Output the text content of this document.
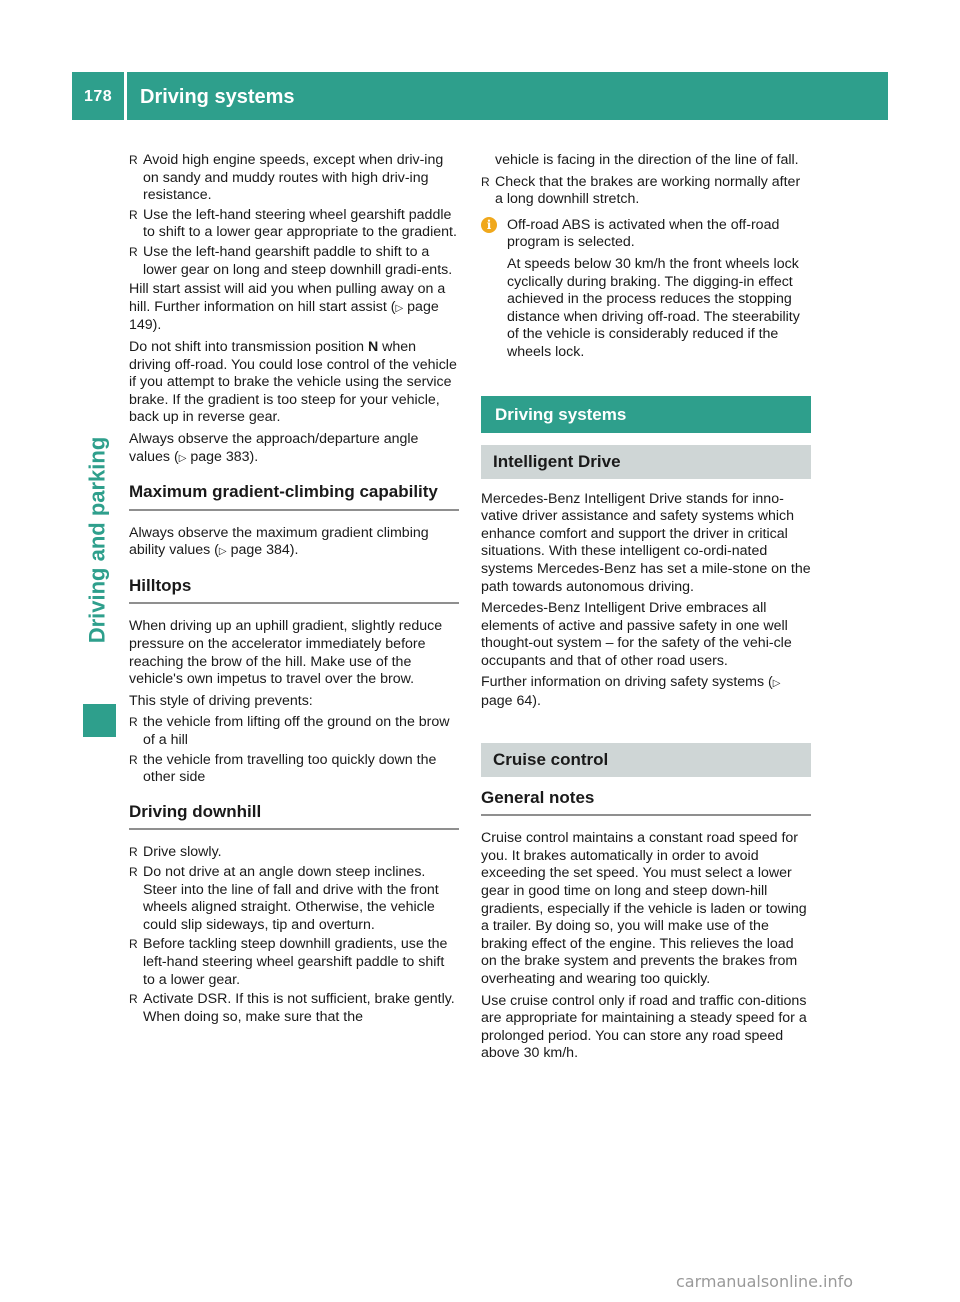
178 Driving systems
Driving and parking
R Avoid high engine speeds, except when driv-ing on sandy and muddy routes with high driv-ing resistance.
R Use the left-hand steering wheel gearshift paddle to shift to a lower gear appropriate to the gradient.
R Use the left-hand gearshift paddle to shift to a lower gear on long and steep downhill gradi-ents.

Hill start assist will aid you when pulling away on a hill. Further information on hill start assist (▷ page 149).

Do not shift into transmission position N when driving off-road. You could lose control of the vehicle if you attempt to brake the vehicle using the service brake. If the gradient is too steep for your vehicle, back up in reverse gear.

Always observe the approach/departure angle values (▷ page 383).

Maximum gradient-climbing capability

Always observe the maximum gradient climbing ability values (▷ page 384).

Hilltops

When driving up an uphill gradient, slightly reduce pressure on the accelerator immediately before reaching the brow of the hill. Make use of the vehicle's own impetus to travel over the brow.

This style of driving prevents:

R the vehicle from lifting off the ground on the brow of a hill
R the vehicle from travelling too quickly down the other side
Driving downhill
R Drive slowly.
R Do not drive at an angle down steep inclines. Steer into the line of fall and drive with the front wheels aligned straight. Otherwise, the vehicle could slip sideways, tip and overturn.
R Before tackling steep downhill gradients, use the left-hand steering wheel gearshift paddle to shift to a lower gear.
R Activate DSR. If this is not sufficient, brake gently. When doing so, make sure that the

vehicle is facing in the direction of the line of fall.

R Check that the brakes are working normally after a long downhill stretch.
i	Off-road ABS is activated when the off-road program is selected.

At speeds below 30 km/h the front wheels lock cyclically during braking. The digging-in effect achieved in the process reduces the stopping distance when driving off-road. The steerability of the vehicle is considerably reduced if the wheels lock.

Driving systems
Intelligent Drive

Mercedes-Benz Intelligent Drive stands for inno-vative driver assistance and safety systems which enhance comfort and support the driver in critical situations. With these intelligent co-ordi-nated systems Mercedes-Benz has set a mile-stone on the path towards autonomous driving.

Mercedes-Benz Intelligent Drive embraces all elements of active and passive safety in one well thought-out system – for the safety of the vehi-cle occupants and that of other road users.

Further information on driving safety systems (▷ page 64).

Cruise control
General notes

Cruise control maintains a constant road speed for you. It brakes automatically in order to avoid exceeding the set speed. You must select a lower gear in good time on long and steep down-hill gradients, especially if the vehicle is laden or towing a trailer. By doing so, you will make use of the braking effect of the engine. This relieves the load on the brake system and prevents the brakes from overheating and wearing too quickly.

Use cruise control only if road and traffic con-ditions are appropriate for maintaining a steady speed for a prolonged period. You can store any road speed above 30 km/h.

carmanualsonline.info
